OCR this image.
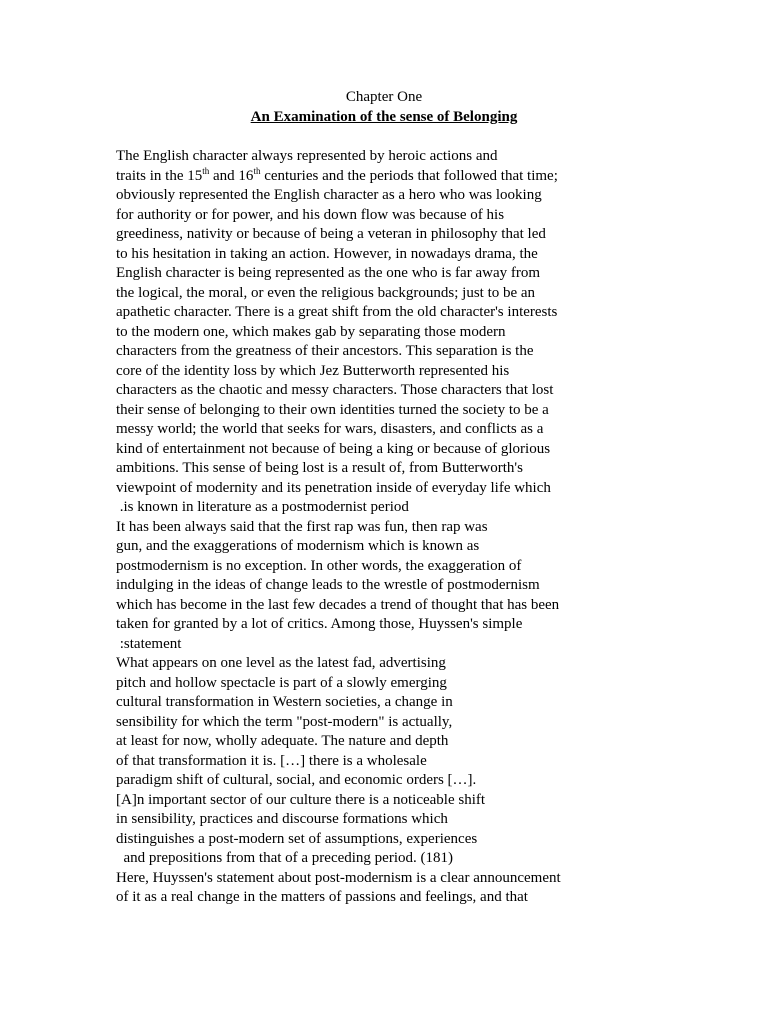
Chapter One
An Examination of the sense of Belonging
The English character always represented by heroic actions and
traits in the 15th and 16th centuries and the periods that followed that time;
obviously represented the English character as a hero who was looking
for authority or for power, and his down flow was because of his
greediness, nativity or because of being a veteran in philosophy that led
to his hesitation in taking an action. However, in nowadays drama, the
English character is being represented as the one who is far away from
the logical, the moral, or even the religious backgrounds; just to be an
apathetic character. There is a great shift from the old character's interests
to the modern one, which makes gab by separating those modern
characters from the greatness of their ancestors. This separation is the
core of the identity loss by which Jez Butterworth represented his
characters as the chaotic and messy characters. Those characters that lost
their sense of belonging to their own identities turned the society to be a
messy world; the world that seeks for wars, disasters, and conflicts as a
kind of entertainment not because of being a king or because of glorious
ambitions. This sense of being lost is a result of, from Butterworth's
viewpoint of modernity and its penetration inside of everyday life which
.is known in literature as a postmodernist period
It has been always said that the first rap was fun, then rap was
gun, and the exaggerations of modernism which is known as
postmodernism is no exception. In other words, the exaggeration of
indulging in the ideas of change leads to the wrestle of postmodernism
which has become in the last few decades a trend of thought that has been
taken for granted by a lot of critics. Among those, Huyssen's simple
:statement
What appears on one level as the latest fad, advertising
pitch and hollow spectacle is part of a slowly emerging
cultural transformation in Western societies, a change in
sensibility for which the term "post-modern" is actually,
at least for now, wholly adequate. The nature and depth
of that transformation it is. […] there is a wholesale
paradigm shift of cultural, social, and economic orders […].
[A]n important sector of our culture there is a noticeable shift
in sensibility, practices and discourse formations which
distinguishes a post-modern set of assumptions, experiences
and prepositions from that of a preceding period. (181)
Here, Huyssen's statement about post-modernism is a clear announcement
of it as a real change in the matters of passions and feelings, and that
